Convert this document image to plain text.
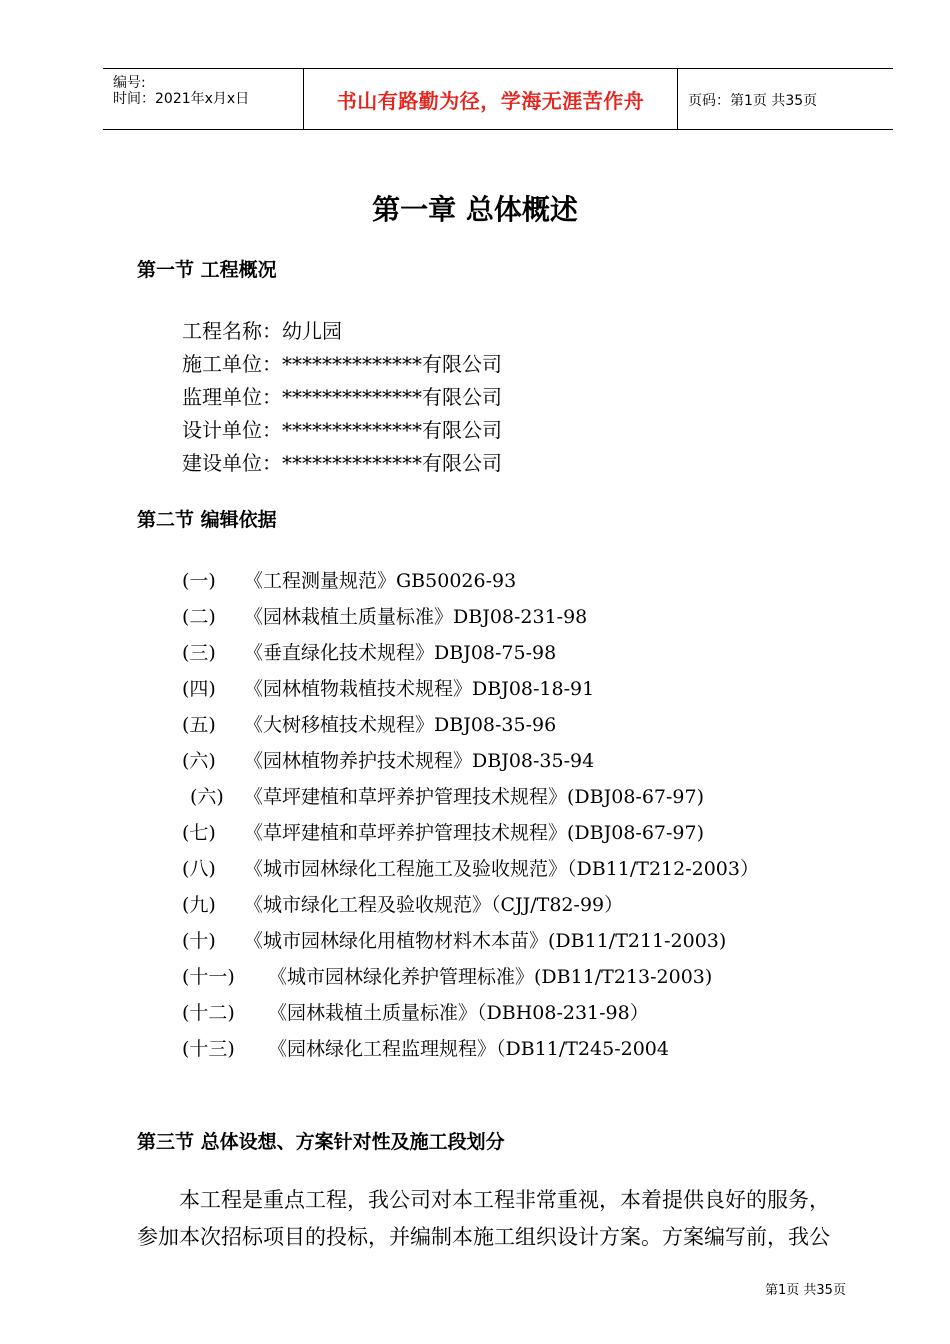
编号:
时间：2021年x月x日	书山有路勤为径，学海无涯苦作舟	页码：第1页 共35页
第一章 总体概述
第一节 工程概况
工程名称：幼儿园
施工单位：**************有限公司
监理单位：**************有限公司
设计单位：**************有限公司
建设单位：**************有限公司
第二节 编辑依据
(一) 《工程测量规范》GB50026-93
(二) 《园林栽植土质量标准》DBJ08-231-98
(三) 《垂直绿化技术规程》DBJ08-75-98
(四) 《园林植物栽植技术规程》DBJ08-18-91
(五) 《大树移植技术规程》DBJ08-35-96
(六) 《园林植物养护技术规程》DBJ08-35-94
(六) 《草坪建植和草坪养护管理技术规程》(DBJ08-67-97)
(七) 《草坪建植和草坪养护管理技术规程》(DBJ08-67-97)
(八) 《城市园林绿化工程施工及验收规范》（DB11/T212-2003）
(九) 《城市绿化工程及验收规范》（CJJ/T82-99）
(十) 《城市园林绿化用植物材料木本苗》(DB11/T211-2003)
(十一) 《城市园林绿化养护管理标准》(DB11/T213-2003)
(十二) 《园林栽植土质量标准》（DBH08-231-98）
(十三) 《园林绿化工程监理规程》（DB11/T245-2004
第三节 总体设想、方案针对性及施工段划分

本工程是重点工程，我公司对本工程非常重视，本着提供良好的服务，

参加本次招标项目的投标，并编制本施工组织设计方案。方案编写前，我公

第1页 共35页
